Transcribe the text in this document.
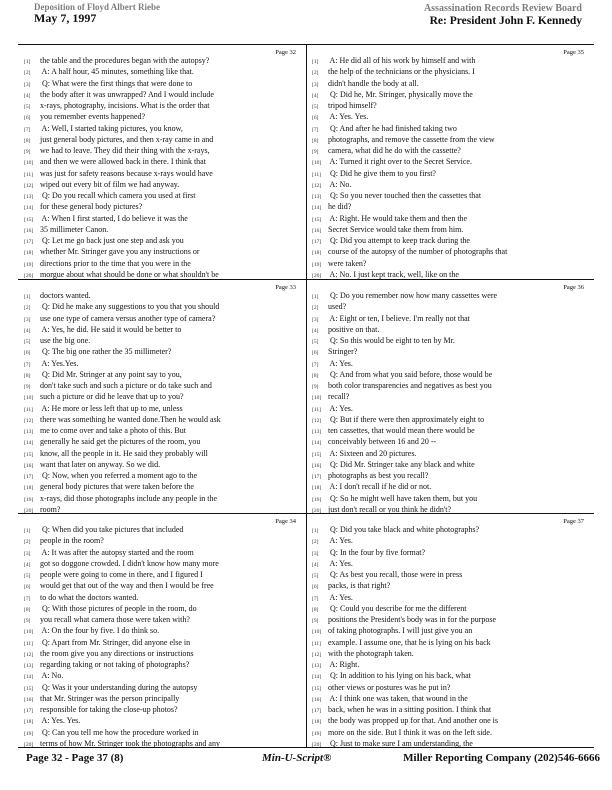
Deposition of Floyd Albert Riebe
May 7, 1997
Assassination Records Review Board
Re: President John F. Kennedy
Page 32
[1] the table and the procedures began with the autopsy?
[2] A: A half hour, 45 minutes, something like that.
[3] Q: What were the first things that were done to
[4] the body after it was unwrapped? And I would include
[5] x-rays, photography, incisions. What is the order that
[6] you remember events happened?
[7] A: Well, I started taking pictures, you know,
[8] just general body pictures, and then x-ray came in and
[9] we had to leave. They did their thing with the x-rays,
[10] and then we were allowed back in there. I think that
[11] was just for safety reasons because x-rays would have
[12] wiped out every bit of film we had anyway.
[13] Q: Do you recall which camera you used at first
[14] for these general body pictures?
[15] A: When I first started, I do believe it was the
[16] 35 millimeter Canon.
[17] Q: Let me go back just one step and ask you
[18] whether Mr. Stringer gave you any instructions or
[19] directions prior to the time that you were in the
[20] morgue about what should be done or what shouldn't be
Page 33
[1] doctors wanted.
[2] Q: Did he make any suggestions to you that you should
[3] use one type of camera versus another type of camera?
[4] A: Yes, he did. He said it would be better to
[5] use the big one.
[6] Q: The big one rather the 35 millimeter?
[7] A: Yes.Yes.
[8] Q: Did Mr. Stringer at any point say to you,
[9] don't take such and such a picture or do take such and
[10] such a picture or did he leave that up to you?
[11] A: He more or less left that up to me, unless
[12] there was something he wanted done.Then he would ask
[13] me to come over and take a photo of this. But
[14] generally he said get the pictures of the room, you
[15] know, all the people in it. He said they probably will
[16] want that later on anyway. So we did.
[17] Q: Now, when you referred a moment ago to the
[18] general body pictures that were taken before the
[19] x-rays, did those photographs include any people in the
[20] room?
Page 34
[1] Q: When did you take pictures that included
[2] people in the room?
[3] A: It was after the autopsy started and the room
[4] got so doggone crowded. I didn't know how many more
[5] people were going to come in there, and I figured I
[6] would get that out of the way and then I would be free
[7] to do what the doctors wanted.
[8] Q: With those pictures of people in the room, do
[9] you recall what camera those were taken with?
[10] A: On the four by five. I do think so.
[11] Q: Apart from Mr. Stringer, did anyone else in
[12] the room give you any directions or instructions
[13] regarding taking or not taking of photographs?
[14] A: No.
[15] Q: Was it your understanding during the autopsy
[16] that Mr. Stringer was the person principally
[17] responsible for taking the close-up photos?
[18] A: Yes. Yes.
[19] Q: Can you tell me how the procedure worked in
[20] terms of how Mr. Stringer took the photographs and any
Page 35
[1] A: He did all of his work by himself and with
[2] the help of the technicians or the physicians. I
[3] didn't handle the body at all.
[4] Q: Did he, Mr. Stringer, physically move the
[5] tripod himself?
[6] A: Yes. Yes.
[7] Q: And after he had finished taking two
[8] photographs, and remove the cassette from the view
[9] camera, what did he do with the cassette?
[10] A: Turned it right over to the Secret Service.
[11] Q: Did he give them to you first?
[12] A: No.
[13] Q: So you never touched then the cassettes that
[14] he did?
[15] A: Right. He would take them and then the
[16] Secret Service would take them from him.
[17] Q: Did you attempt to keep track during the
[18] course of the autopsy of the number of photographs that
[19] were taken?
[20] A: No. I just kept track, well, like on the
Page 36
[1] Q: Do you remember now how many cassettes were
[2] used?
[3] A: Eight or ten, I believe. I'm really not that
[4] positive on that.
[5] Q: So this would be eight to ten by Mr.
[6] Stringer?
[7] A: Yes.
[8] Q: And from what you said before, those would be
[9] both color transparencies and negatives as best you
[10] recall?
[11] A: Yes.
[12] Q: But if there were then approximately eight to
[13] ten cassettes, that would mean there would be
[14] conceivably between 16 and 20 --
[15] A: Sixteen and 20 pictures.
[16] Q: Did Mr. Stringer take any black and white
[17] photographs as best you recall?
[18] A: I don't recall if he did or not.
[19] Q: So he might well have taken them, but you
[20] just don't recall or you think he didn't?
Page 37
[1] Q: Did you take black and white photographs?
[2] A: Yes.
[3] Q: In the four by five format?
[4] A: Yes.
[5] Q: As best you recall, those were in press
[6] packs, is that right?
[7] A: Yes.
[8] Q: Could you describe for me the different
[9] positions the President's body was in for the purpose
[10] of taking photographs. I will just give you an
[11] example. I assume one, that he is lying on his back
[12] with the photograph taken.
[13] A: Right.
[14] Q: In addition to his lying on his back, what
[15] other views or postures was he put in?
[16] A: I think one was taken, that wound in the
[17] back, when he was in a sitting position. I think that
[18] the body was propped up for that. And another one is
[19] more on the side. But I think it was on the left side.
[20] Q: Just to make sure I am understanding, the
Page 32 - Page 37 (8)	Min-U-Script®	Miller Reporting Company (202)546-6666
